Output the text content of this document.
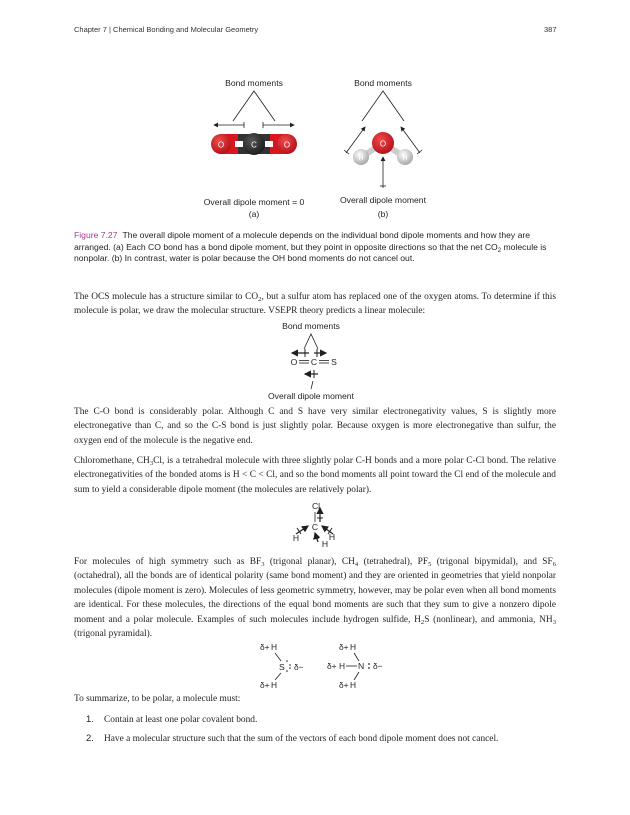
Chapter 7 | Chemical Bonding and Molecular Geometry	387
Bond moments
O	C	O
Overall dipole moment = 0
(a)
Bond moments
O
H	H
Overall dipole moment
(b)
Figure 7.27 The overall dipole moment of a molecule depends on the individual bond dipole moments and how they are arranged. (a) Each CO bond has a bond dipole moment, but they point in opposite directions so that the net $CO_2$ molecule is nonpolar. (b) In contrast, water is polar because the OH bond moments do not cancel out.

The OCS molecule has a structure similar to $CO_2$, but a sulfur atom has replaced one of the oxygen atoms. To determine if this molecule is polar, we draw the molecular structure. VSEPR theory predicts a linear molecule:

Bond moments
O C S
Overall dipole moment

The C-O bond is considerably polar. Although C and S have very similar electronegativity values, S is slightly more electronegative than C, and so the C-S bond is just slightly polar. Because oxygen is more electronegative than sulfur, the oxygen end of the molecule is the negative end.

Chloromethane, $CH_3Cl$, is a tetrahedral molecule with three slightly polar C-H bonds and a more polar C-Cl bond. The relative electronegativities of the bonded atoms is H < C < Cl, and so the bond moments all point toward the Cl end of the molecule and sum to yield a considerable dipole moment (the molecules are relatively polar).

Cl
C
H	H
H

For molecules of high symmetry such as $BF_3$ (trigonal planar), $CH_4$ (tetrahedral), $PF_5$ (trigonal bipymidal), and $SF_6$ (octahedral), all the bonds are of identical polarity (same bond moment) and they are oriented in geometries that yield nonpolar molecules (dipole moment is zero). Molecules of less geometric symmetry, however, may be polar even when all bond moments are identical. For these molecules, the directions of the equal bond moments are such that they sum to give a nonzero dipole moment and a polar molecule. Examples of such molecules include hydrogen sulfide, $H_2S$ (nonlinear), and ammonia, $NH_3$ (trigonal pyramidal).

δ+ H
S δ−
δ+ H
δ+ H
δ+ H N δ−
δ+ H

To summarize, to be polar, a molecule must:

1. Contain at least one polar covalent bond.
2. Have a molecular structure such that the sum of the vectors of each bond dipole moment does not cancel.
